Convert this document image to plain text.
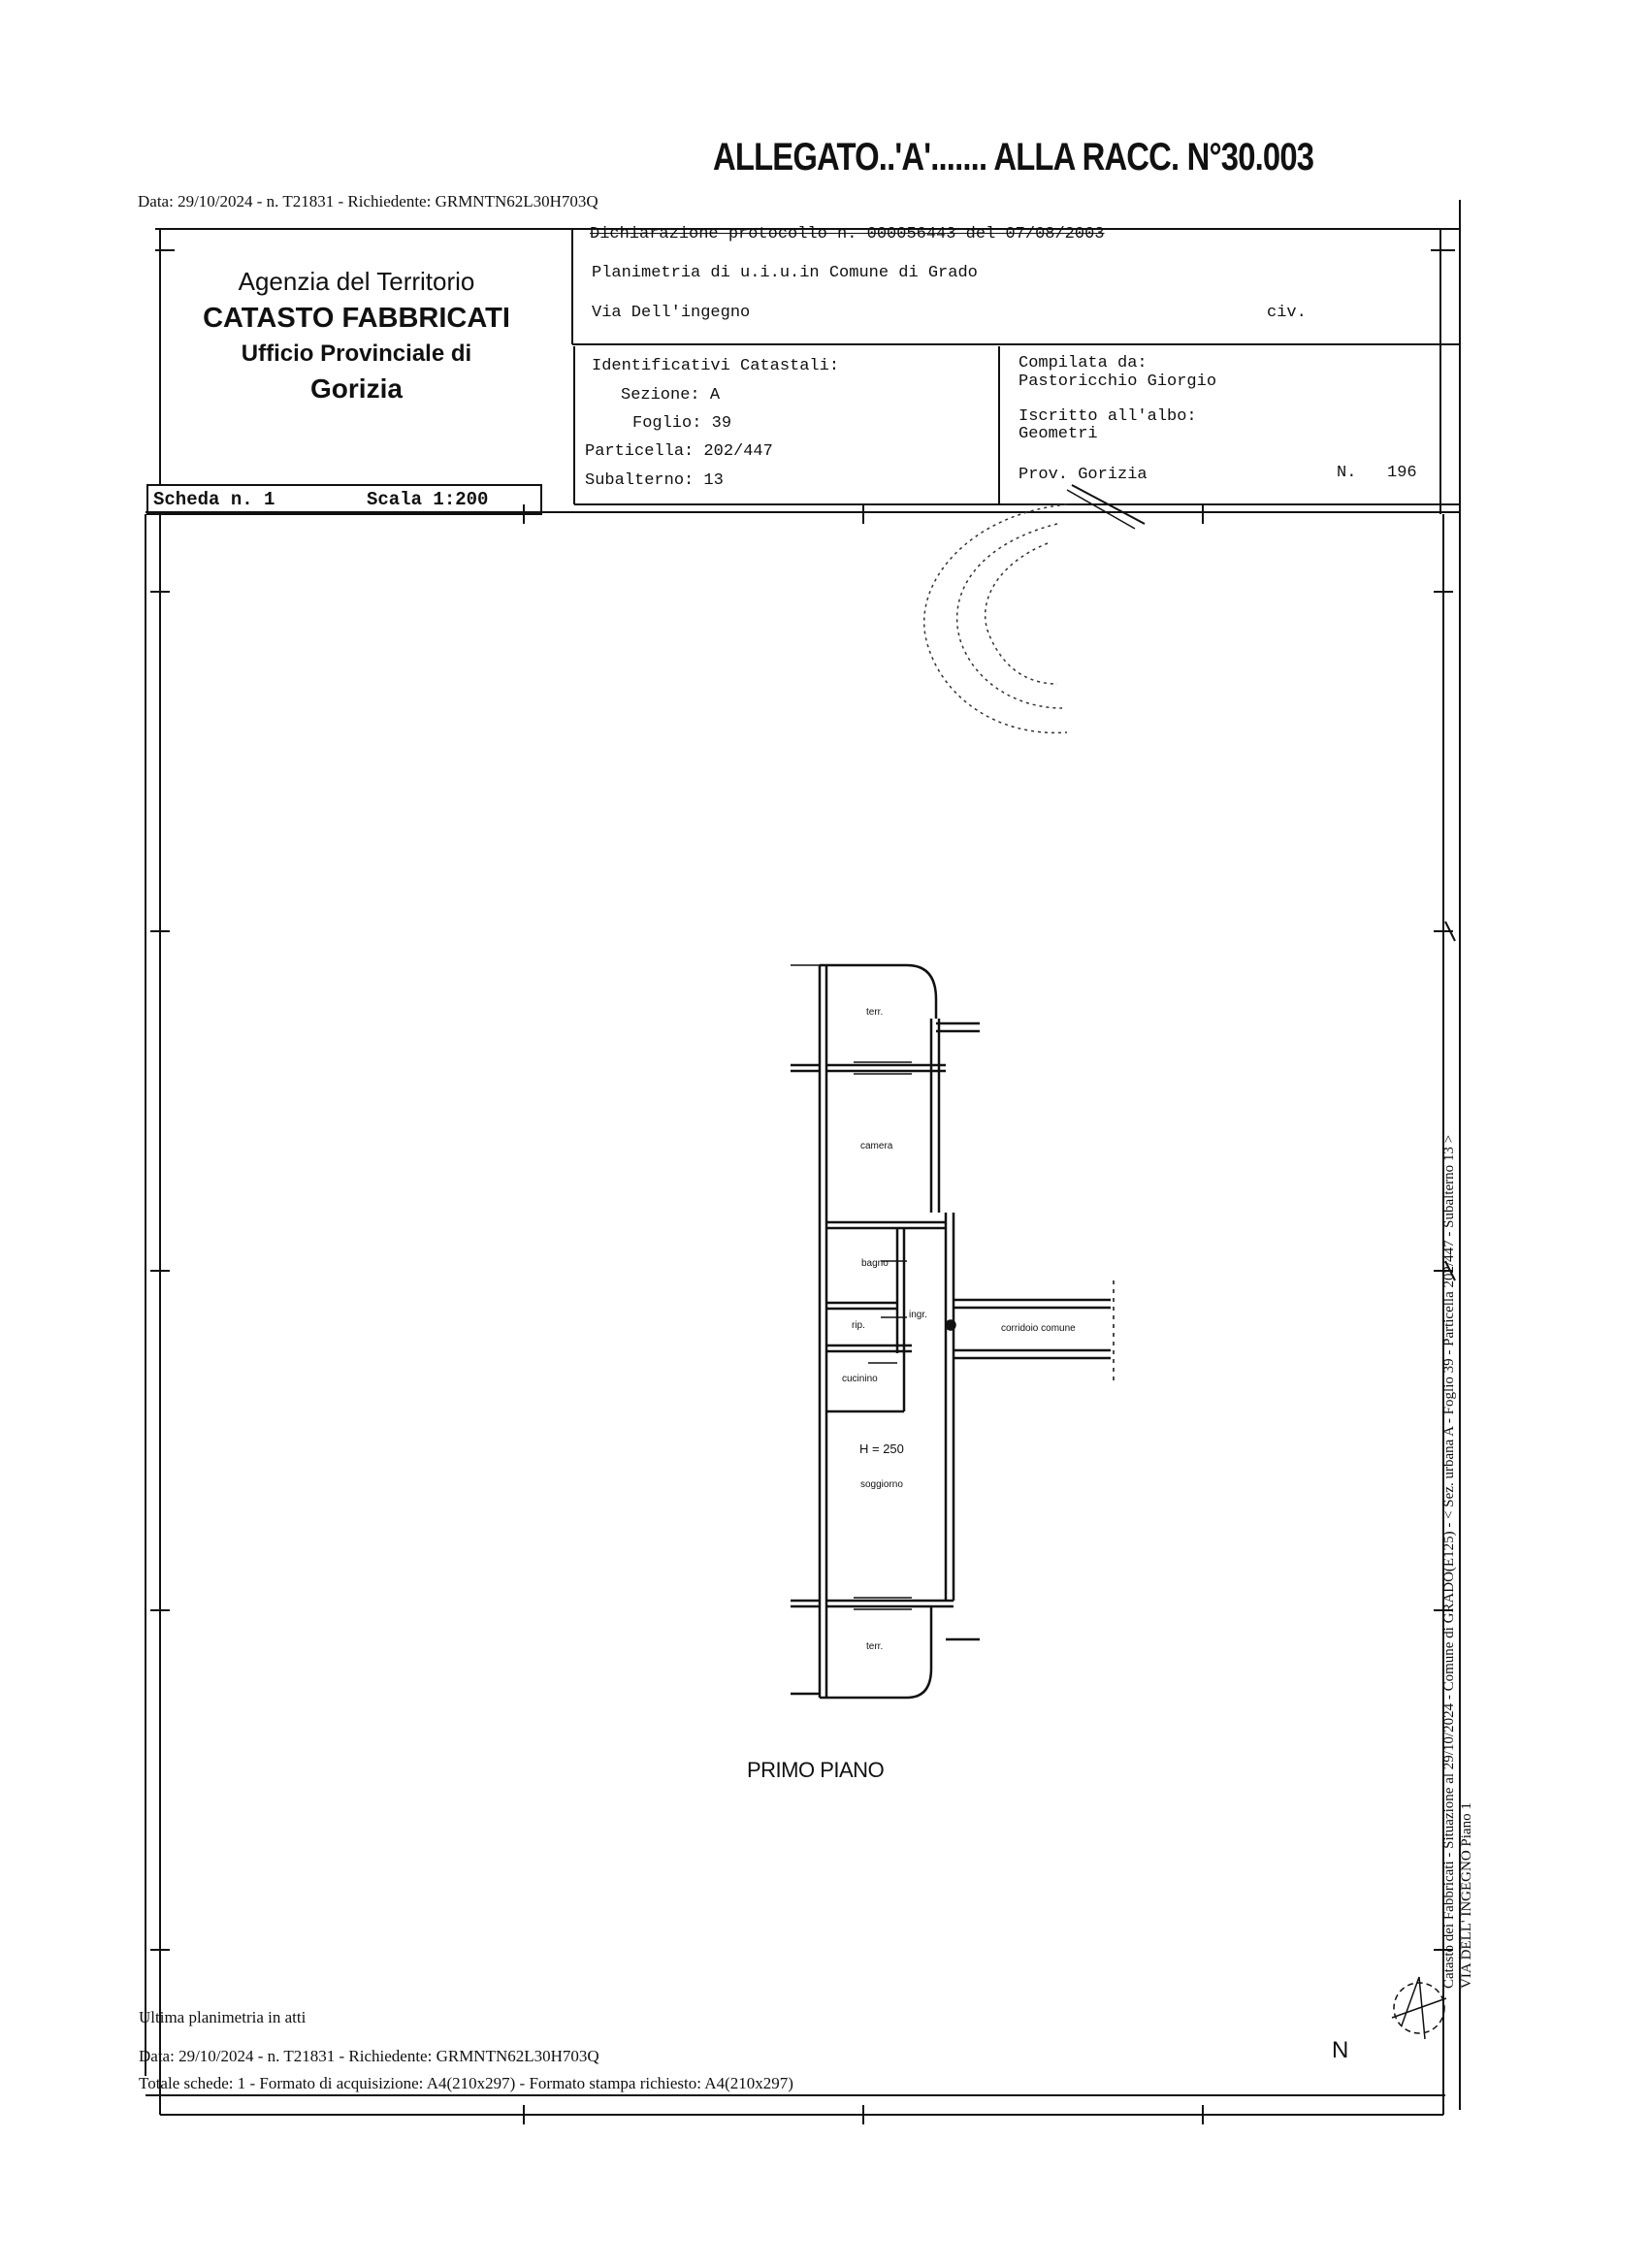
ALLEGATO..'A'....... ALLA RACC. N°30.003
Data: 29/10/2024 - n. T21831 - Richiedente: GRMNTN62L30H703Q
Agenzia del Territorio
CATASTO FABBRICATI
Ufficio Provinciale di
Gorizia
Dichiarazione protocollo n. 000056443 del 07/08/2003
Planimetria di u.i.u.in Comune di Grado
Via Dell'ingegno	civ.
Identificativi Catastali:
Sezione: A
Foglio: 39
Particella: 202/447
Subalterno: 13
Compilata da:
Pastoricchio Giorgio
Iscritto all'albo:
Geometri
Prov. Gorizia	N. 196
Scheda n. 1	Scala 1:200
terr.
camera
bagno
ingr.
rip.
cucinino
H = 250
soggiorno
terr.
corridoio comune
PRIMO PIANO
Ultima planimetria in atti
Data: 29/10/2024 - n. T21831 - Richiedente: GRMNTN62L30H703Q
Totale schede: 1 - Formato di acquisizione: A4(210x297) - Formato stampa richiesto: A4(210x297)
N
Catasto dei Fabbricati - Situazione al 29/10/2024 - Comune di GRADO(E125) - < Sez. urbana A - Foglio 39 - Particella 202/447 - Subalterno 13 > VIA DELL' INGEGNO Piano 1
